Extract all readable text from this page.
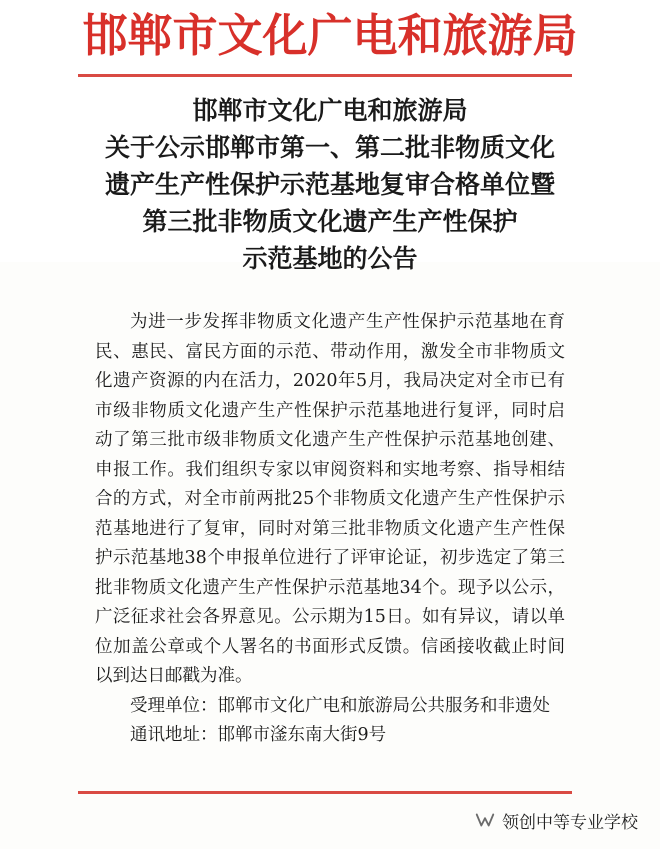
邯郸市文化广电和旅游局
邯郸市文化广电和旅游局
关于公示邯郸市第一、第二批非物质文化
遗产生产性保护示范基地复审合格单位暨
第三批非物质文化遗产生产性保护
示范基地的公告

为进一步发挥非物质文化遗产生产性保护示范基地在育民、惠民、富民方面的示范、带动作用，激发全市非物质文化遗产资源的内在活力，2020年5月，我局决定对全市已有市级非物质文化遗产生产性保护示范基地进行复评，同时启动了第三批市级非物质文化遗产生产性保护示范基地创建、申报工作。我们组织专家以审阅资料和实地考察、指导相结合的方式，对全市前两批25个非物质文化遗产生产性保护示范基地进行了复审，同时对第三批非物质文化遗产生产性保护示范基地38个申报单位进行了评审论证，初步选定了第三批非物质文化遗产生产性保护示范基地34个。现予以公示，广泛征求社会各界意见。公示期为15日。如有异议，请以单位加盖公章或个人署名的书面形式反馈。信函接收截止时间以到达日邮戳为准。

受理单位：邯郸市文化广电和旅游局公共服务和非遗处

通讯地址：邯郸市滏东南大街9号

领创中等专业学校
